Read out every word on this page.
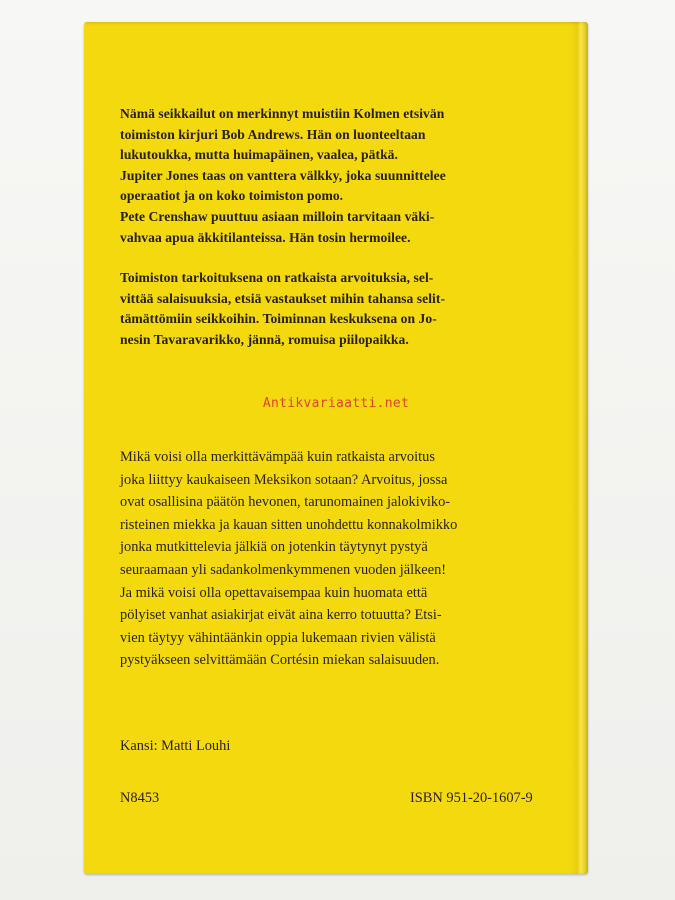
Nämä seikkailut on merkinnyt muistiin Kolmen etsivän
toimiston kirjuri Bob Andrews. Hän on luonteeltaan
lukutoukka, mutta huimapäinen, vaalea, pätkä.
Jupiter Jones taas on vanttera välkky, joka suunnittelee
operaatiot ja on koko toimiston pomo.
Pete Crenshaw puuttuu asiaan milloin tarvitaan väki-
vahvaa apua äkkitilanteissa. Hän tosin hermoilee.
Toimiston tarkoituksena on ratkaista arvoituksia, sel-
vittää salaisuuksia, etsiä vastaukset mihin tahansa selit-
tämättömiin seikkoihin. Toiminnan keskuksena on Jo-
nesin Tavaravarikko, jännä, romuisa piilopaikka.
Antikvariaatti.net
Mikä voisi olla merkittävämpää kuin ratkaista arvoitus
joka liittyy kaukaiseen Meksikon sotaan? Arvoitus, jossa
ovat osallisina päätön hevonen, tarunomainen jalokiviko-
risteinen miekka ja kauan sitten unohdettu konnakolmikko
jonka mutkittelevia jälkiä on jotenkin täytynyt pystyä
seuraamaan yli sadankolmenkymmenen vuoden jälkeen!
Ja mikä voisi olla opettavaisempaa kuin huomata että
pölyiset vanhat asiakirjat eivät aina kerro totuutta? Etsi-
vien täytyy vähintäänkin oppia lukemaan rivien välistä
pystyäkseen selvittämään Cortésin miekan salaisuuden.
Kansi: Matti Louhi
N8453	ISBN 951-20-1607-9
